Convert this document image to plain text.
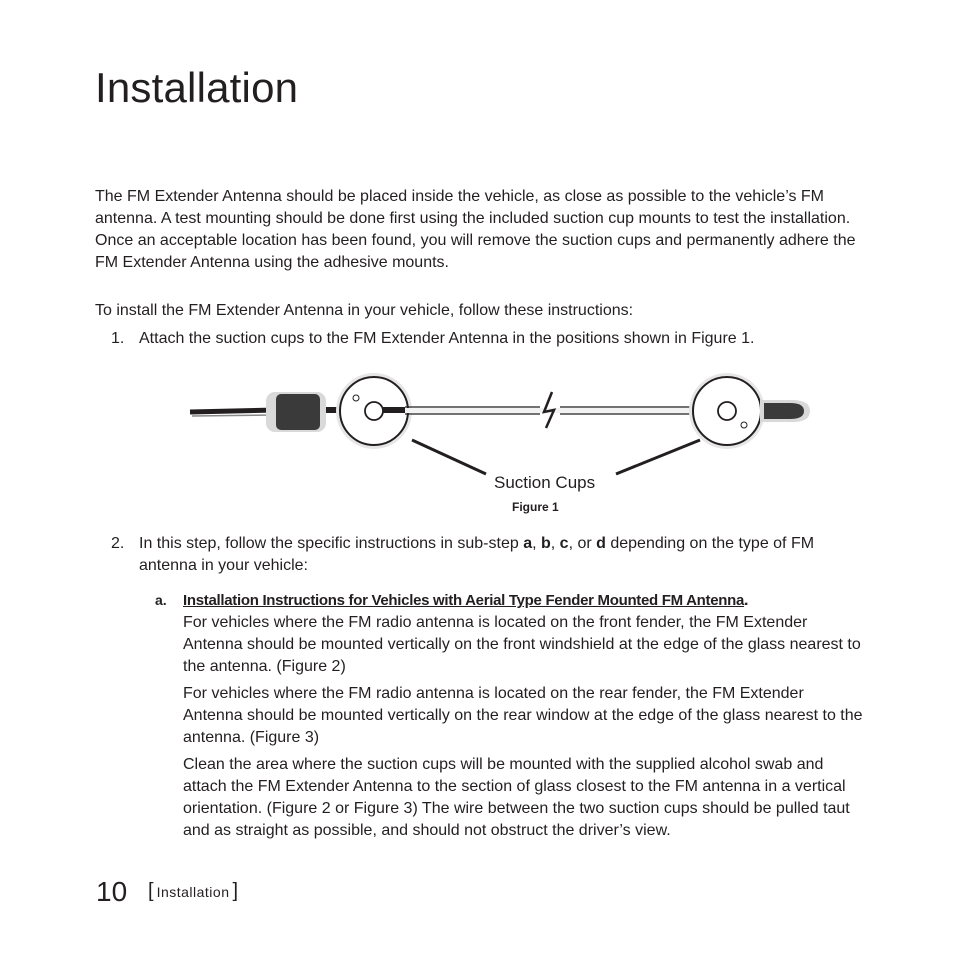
Installation

The FM Extender Antenna should be placed inside the vehicle, as close as possible to the vehicle’s FM antenna. A test mounting should be done first using the included suction cup mounts to test the installation. Once an acceptable location has been found, you will remove the suction cups and permanently adhere the FM Extender Antenna using the adhesive mounts.

To install the FM Extender Antenna in your vehicle, follow these instructions:

1. Attach the suction cups to the FM Extender Antenna in the positions shown in Figure 1.

Suction Cups

Figure 1

2. In this step, follow the specific instructions in sub-step a, b, c, or d depending on the type of FM antenna in your vehicle:
a. Installation Instructions for Vehicles with Aerial Type Fender Mounted FM Antenna.
For vehicles where the FM radio antenna is located on the front fender, the FM Extender Antenna should be mounted vertically on the front windshield at the edge of the glass nearest to the antenna. (Figure 2)

For vehicles where the FM radio antenna is located on the rear fender, the FM Extender Antenna should be mounted vertically on the rear window at the edge of the glass nearest to the antenna. (Figure 3)

Clean the area where the suction cups will be mounted with the supplied alcohol swab and attach the FM Extender Antenna to the section of glass closest to the FM antenna in a vertical orientation. (Figure 2 or Figure 3) The wire between the two suction cups should be pulled taut and as straight as possible, and should not obstruct the driver’s view.

10 [ Installation ]
